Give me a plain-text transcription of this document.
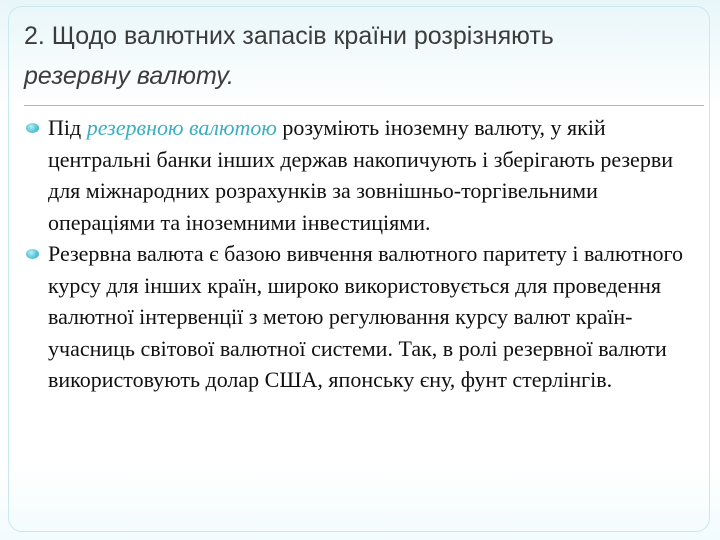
2. Щодо валютних запасів країни розрізняють
резервну валюту.
Під резервною валютою розуміють іноземну валюту, у якій центральні банки інших держав накопичують і зберігають резерви для міжнародних розрахунків за зовнішньо-торгівельними операціями та іноземними інвестиціями.
Резервна валюта є базою вивчення валютного паритету і валютного курсу для інших країн, широко використовується для проведення валютної інтервенції з метою регулювання курсу валют країн-учасниць світової валютної системи. Так, в ролі резервної валюти використовують долар США, японську єну, фунт стерлінгів.
